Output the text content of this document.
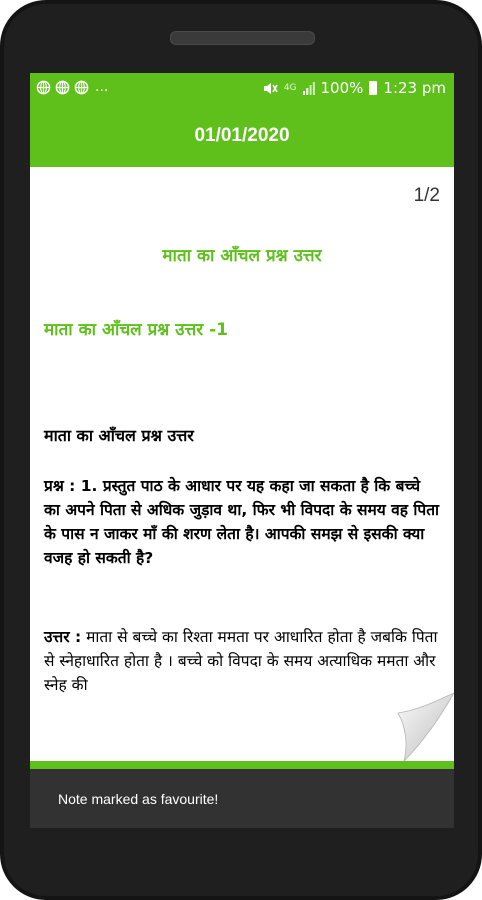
...	4G 100% 1:23 pm
01/01/2020
1/2
माता का आँचल प्रश्न उत्तर
माता का आँचल प्रश्न उत्तर -1
माता का आँचल प्रश्न उत्तर
प्रश्न : 1. प्रस्तुत पाठ के आधार पर यह कहा जा सकता है कि बच्चे का अपने पिता से अधिक जुड़ाव था, फिर भी विपदा के समय वह पिता के पास न जाकर माँ की शरण लेता है। आपकी समझ से इसकी क्या वजह हो सकती है?
उत्तर : माता से बच्चे का रिश्ता ममता पर आधारित होता है जबकि पिता से स्नेहाधारित होता है । बच्चे को विपदा के समय अत्याधिक ममता और स्नेह की
Note marked as favourite!
